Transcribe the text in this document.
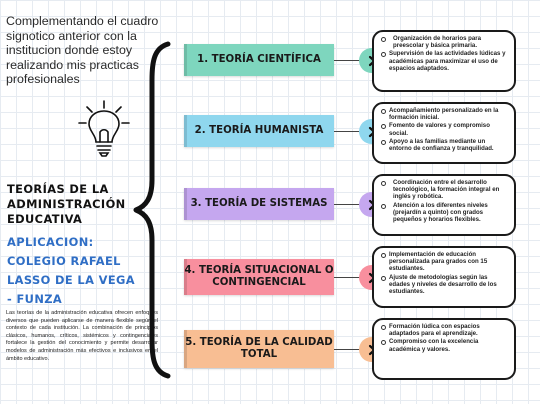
Complementando el cuadro signotico anterior con la institucion donde estoy realizando mis practicas profesionales
TEORÍAS DE LA ADMINISTRACIÓN EDUCATIVA
APLICACION: COLEGIO RAFAEL LASSO DE LA VEGA - FUNZA
Las teorías de la administración educativa ofrecen enfoques diversos que pueden aplicarse de manera flexible según el contexto de cada institución. La combinación de principios clásicos, humanos, críticos, sistémicos y contingenciales fortalece la gestión del conocimiento y permite desarrollar modelos de administración más efectivos e inclusivos en el ámbito educativo.
1. TEORÍA CIENTÍFICA
Organización de horarios para preescolar y básica primaria.
Supervisión de las actividades lúdicas y académicas para maximizar el uso de espacios adaptados.
2. TEORÍA HUMANISTA
Acompañamiento personalizado en la formación inicial.
Fomento de valores y compromiso social.
Apoyo a las familias mediante un entorno de confianza y tranquilidad.
3. TEORÍA DE SISTEMAS
Coordinación entre el desarrollo tecnológico, la formación integral en inglés y robótica.
Atención a los diferentes niveles (prejardín a quinto) con grados pequeños y horarios flexibles.
4. TEORÍA SITUACIONAL O CONTINGENCIAL
Implementación de educación personalizada para grados con 15 estudiantes.
Ajuste de metodologías según las edades y niveles de desarrollo de los estudiantes.
5. TEORÍA DE LA CALIDAD TOTAL
Formación lúdica con espacios adaptados para el aprendizaje.
Compromiso con la excelencia académica y valores.
